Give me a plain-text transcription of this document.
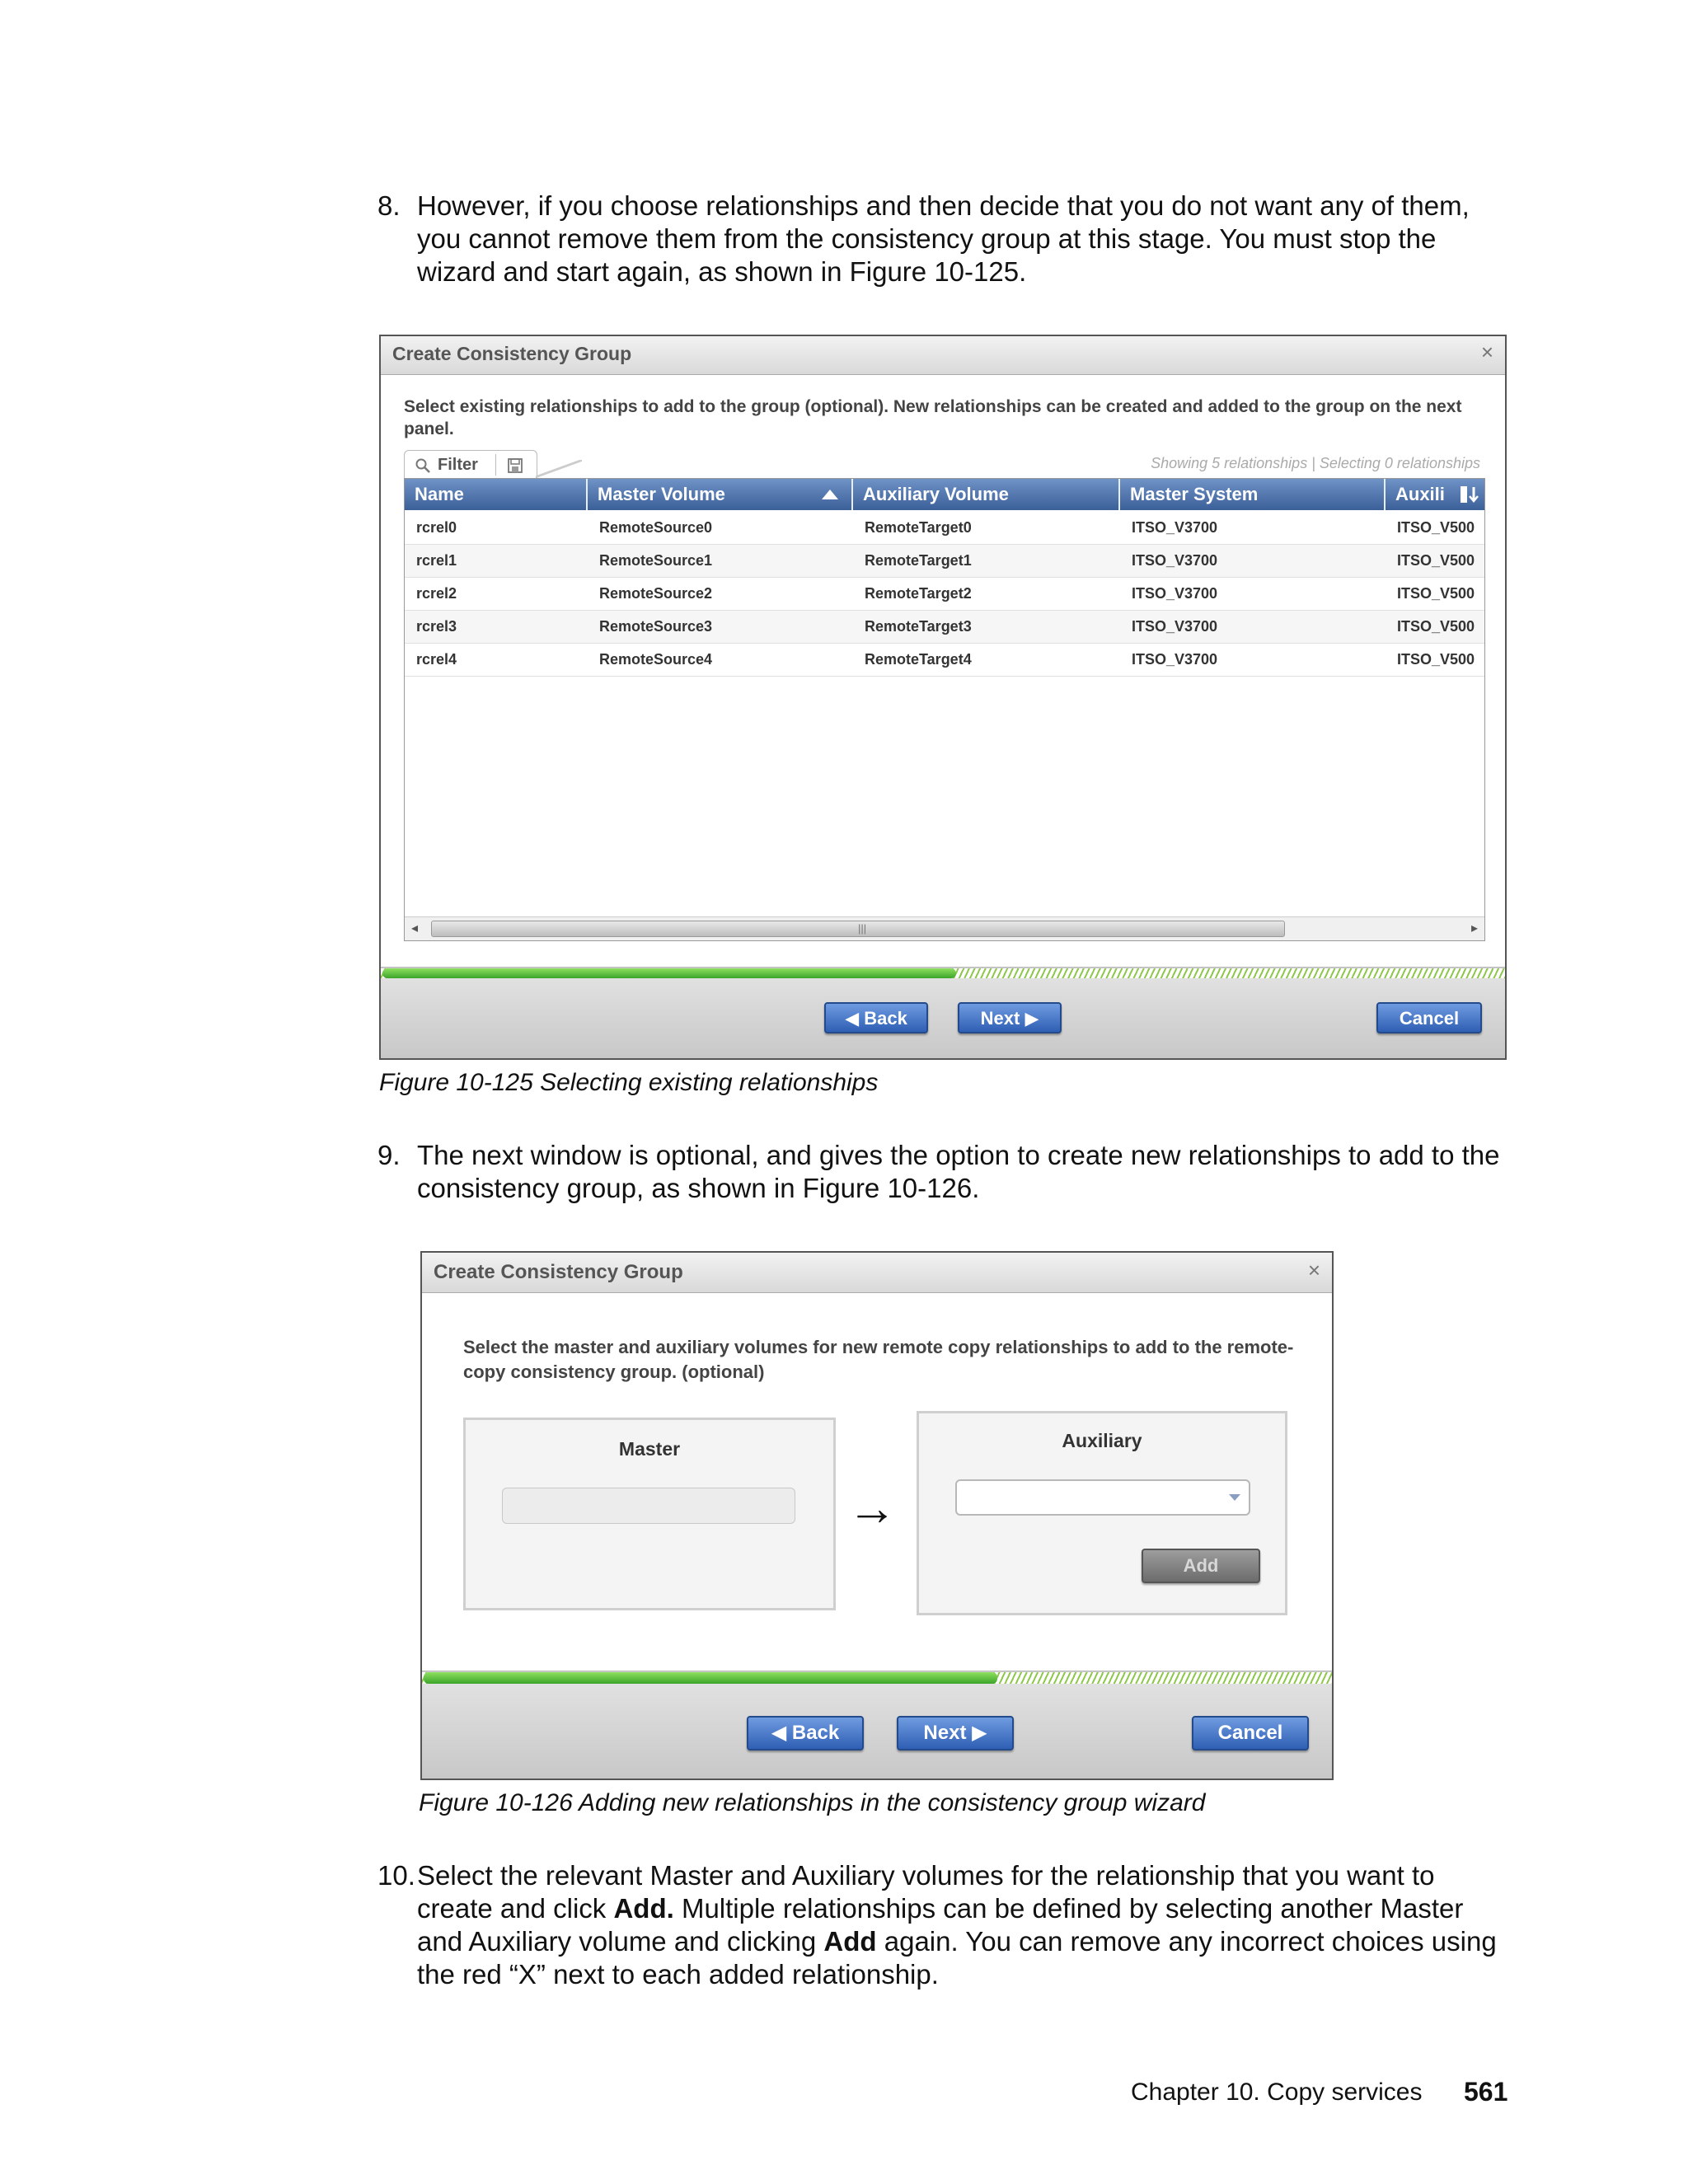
8. However, if you choose relationships and then decide that you do not want any of them, you cannot remove them from the consistency group at this stage. You must stop the wizard and start again, as shown in Figure 10-125.
Create Consistency Group	×
Select existing relationships to add to the group (optional). New relationships can be created and added to the group on the next panel.
Filter	Showing 5 relationships | Selecting 0 relationships
Name	Master Volume	Auxiliary Volume	Master System	Auxili
rcrel0	RemoteSource0	RemoteTarget0	ITSO_V3700	ITSO_V500
rcrel1	RemoteSource1	RemoteTarget1	ITSO_V3700	ITSO_V500
rcrel2	RemoteSource2	RemoteTarget2	ITSO_V3700	ITSO_V500
rcrel3	RemoteSource3	RemoteTarget3	ITSO_V3700	ITSO_V500
rcrel4	RemoteSource4	RemoteTarget4	ITSO_V3700	ITSO_V500
◂	|||	▸
◀ Back	Next ▶	Cancel
Figure 10-125 Selecting existing relationships
9. The next window is optional, and gives the option to create new relationships to add to the consistency group, as shown in Figure 10-126.
Create Consistency Group	×
Select the master and auxiliary volumes for new remote copy relationships to add to the remote-copy consistency group. (optional)
Master
→
Auxiliary
Add
◀ Back	Next ▶	Cancel
Figure 10-126 Adding new relationships in the consistency group wizard
10. Select the relevant Master and Auxiliary volumes for the relationship that you want to create and click Add. Multiple relationships can be defined by selecting another Master and Auxiliary volume and clicking Add again. You can remove any incorrect choices using the red “X” next to each added relationship.
Chapter 10. Copy services 561
